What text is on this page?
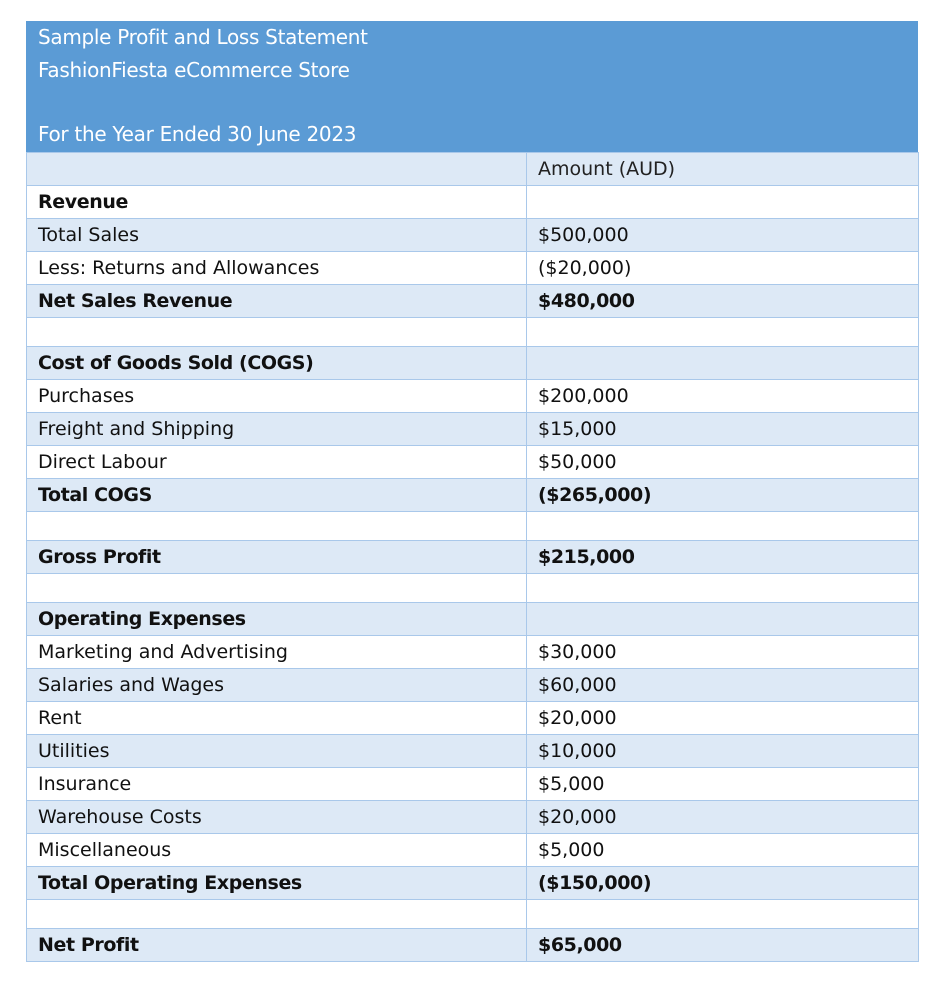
Sample Profit and Loss Statement
FashionFiesta eCommerce Store
For the Year Ended 30 June 2023
	Amount (AUD)
Revenue	
Total Sales	$500,000
Less: Returns and Allowances	($20,000)
Net Sales Revenue	$480,000

Cost of Goods Sold (COGS)	
Purchases	$200,000
Freight and Shipping	$15,000
Direct Labour	$50,000
Total COGS	($265,000)

Gross Profit	$215,000

Operating Expenses	
Marketing and Advertising	$30,000
Salaries and Wages	$60,000
Rent	$20,000
Utilities	$10,000
Insurance	$5,000
Warehouse Costs	$20,000
Miscellaneous	$5,000
Total Operating Expenses	($150,000)

Net Profit	$65,000
